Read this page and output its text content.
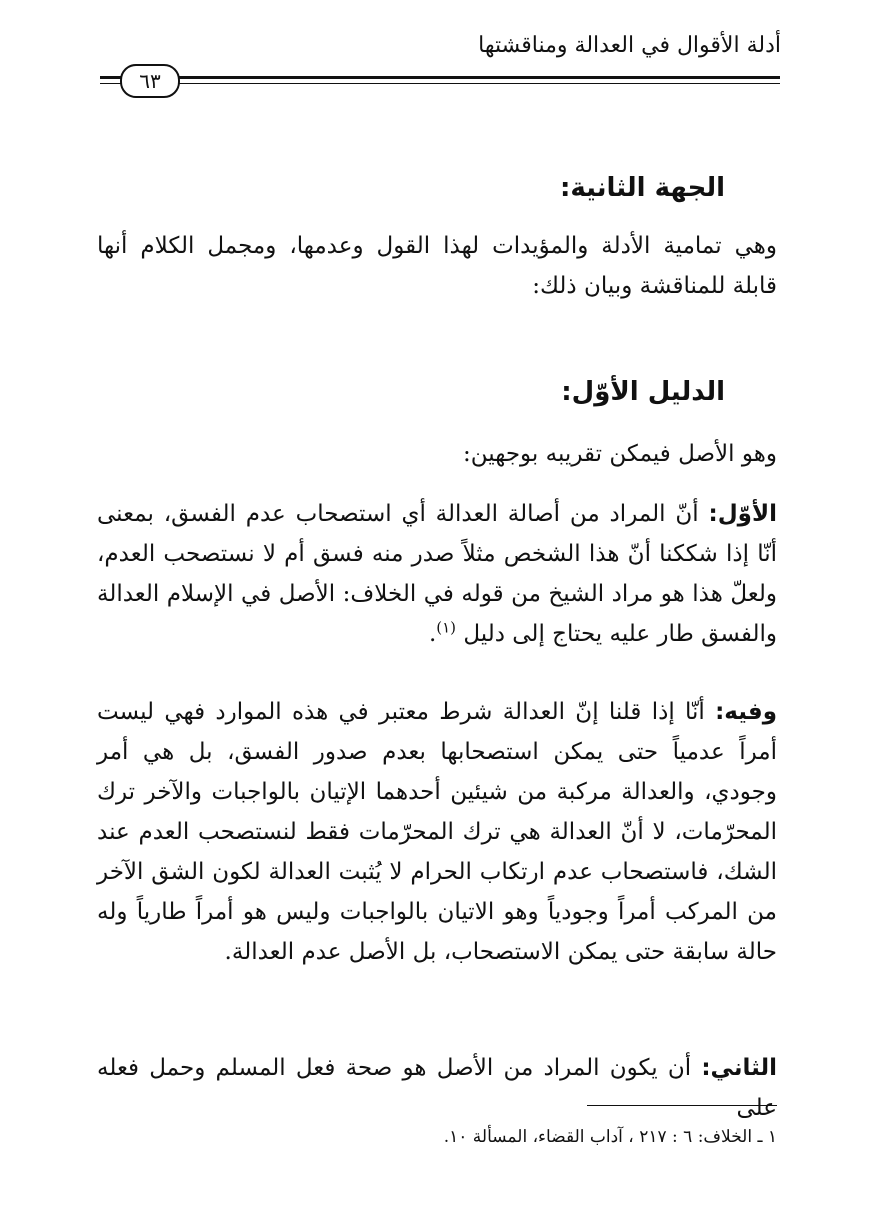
أدلة الأقوال في العدالة ومناقشتها
٦٣
الجهة الثانية:
وهي تمامية الأدلة والمؤيدات لهذا القول وعدمها، ومجمل الكلام أنها قابلة للمناقشة وبيان ذلك:
الدليل الأوّل:
وهو الأصل فيمكن تقريبه بوجهين:
الأوّل: أنّ المراد من أصالة العدالة أي استصحاب عدم الفسق، بمعنى أنّا إذا شككنا أنّ هذا الشخص مثلاً صدر منه فسق أم لا نستصحب العدم، ولعلّ هذا هو مراد الشيخ من قوله في الخلاف: الأصل في الإسلام العدالة والفسق طار عليه يحتاج إلى دليل $^{(١)}$.
وفيه: أنّا إذا قلنا إنّ العدالة شرط معتبر في هذه الموارد فهي ليست أمراً عدمياً حتى يمكن استصحابها بعدم صدور الفسق، بل هي أمر وجودي، والعدالة مركبة من شيئين أحدهما الإتيان بالواجبات والآخر ترك المحرّمات، لا أنّ العدالة هي ترك المحرّمات فقط لنستصحب العدم عند الشك، فاستصحاب عدم ارتكاب الحرام لا يُثبت العدالة لكون الشق الآخر من المركب أمراً وجودياً وهو الاتيان بالواجبات وليس هو أمراً طارياً وله حالة سابقة حتى يمكن الاستصحاب، بل الأصل عدم العدالة.
الثاني: أن يكون المراد من الأصل هو صحة فعل المسلم وحمل فعله على
١ ـ الخلاف: ٦ : ٢١٧ ، آداب القضاء، المسألة ١٠.
